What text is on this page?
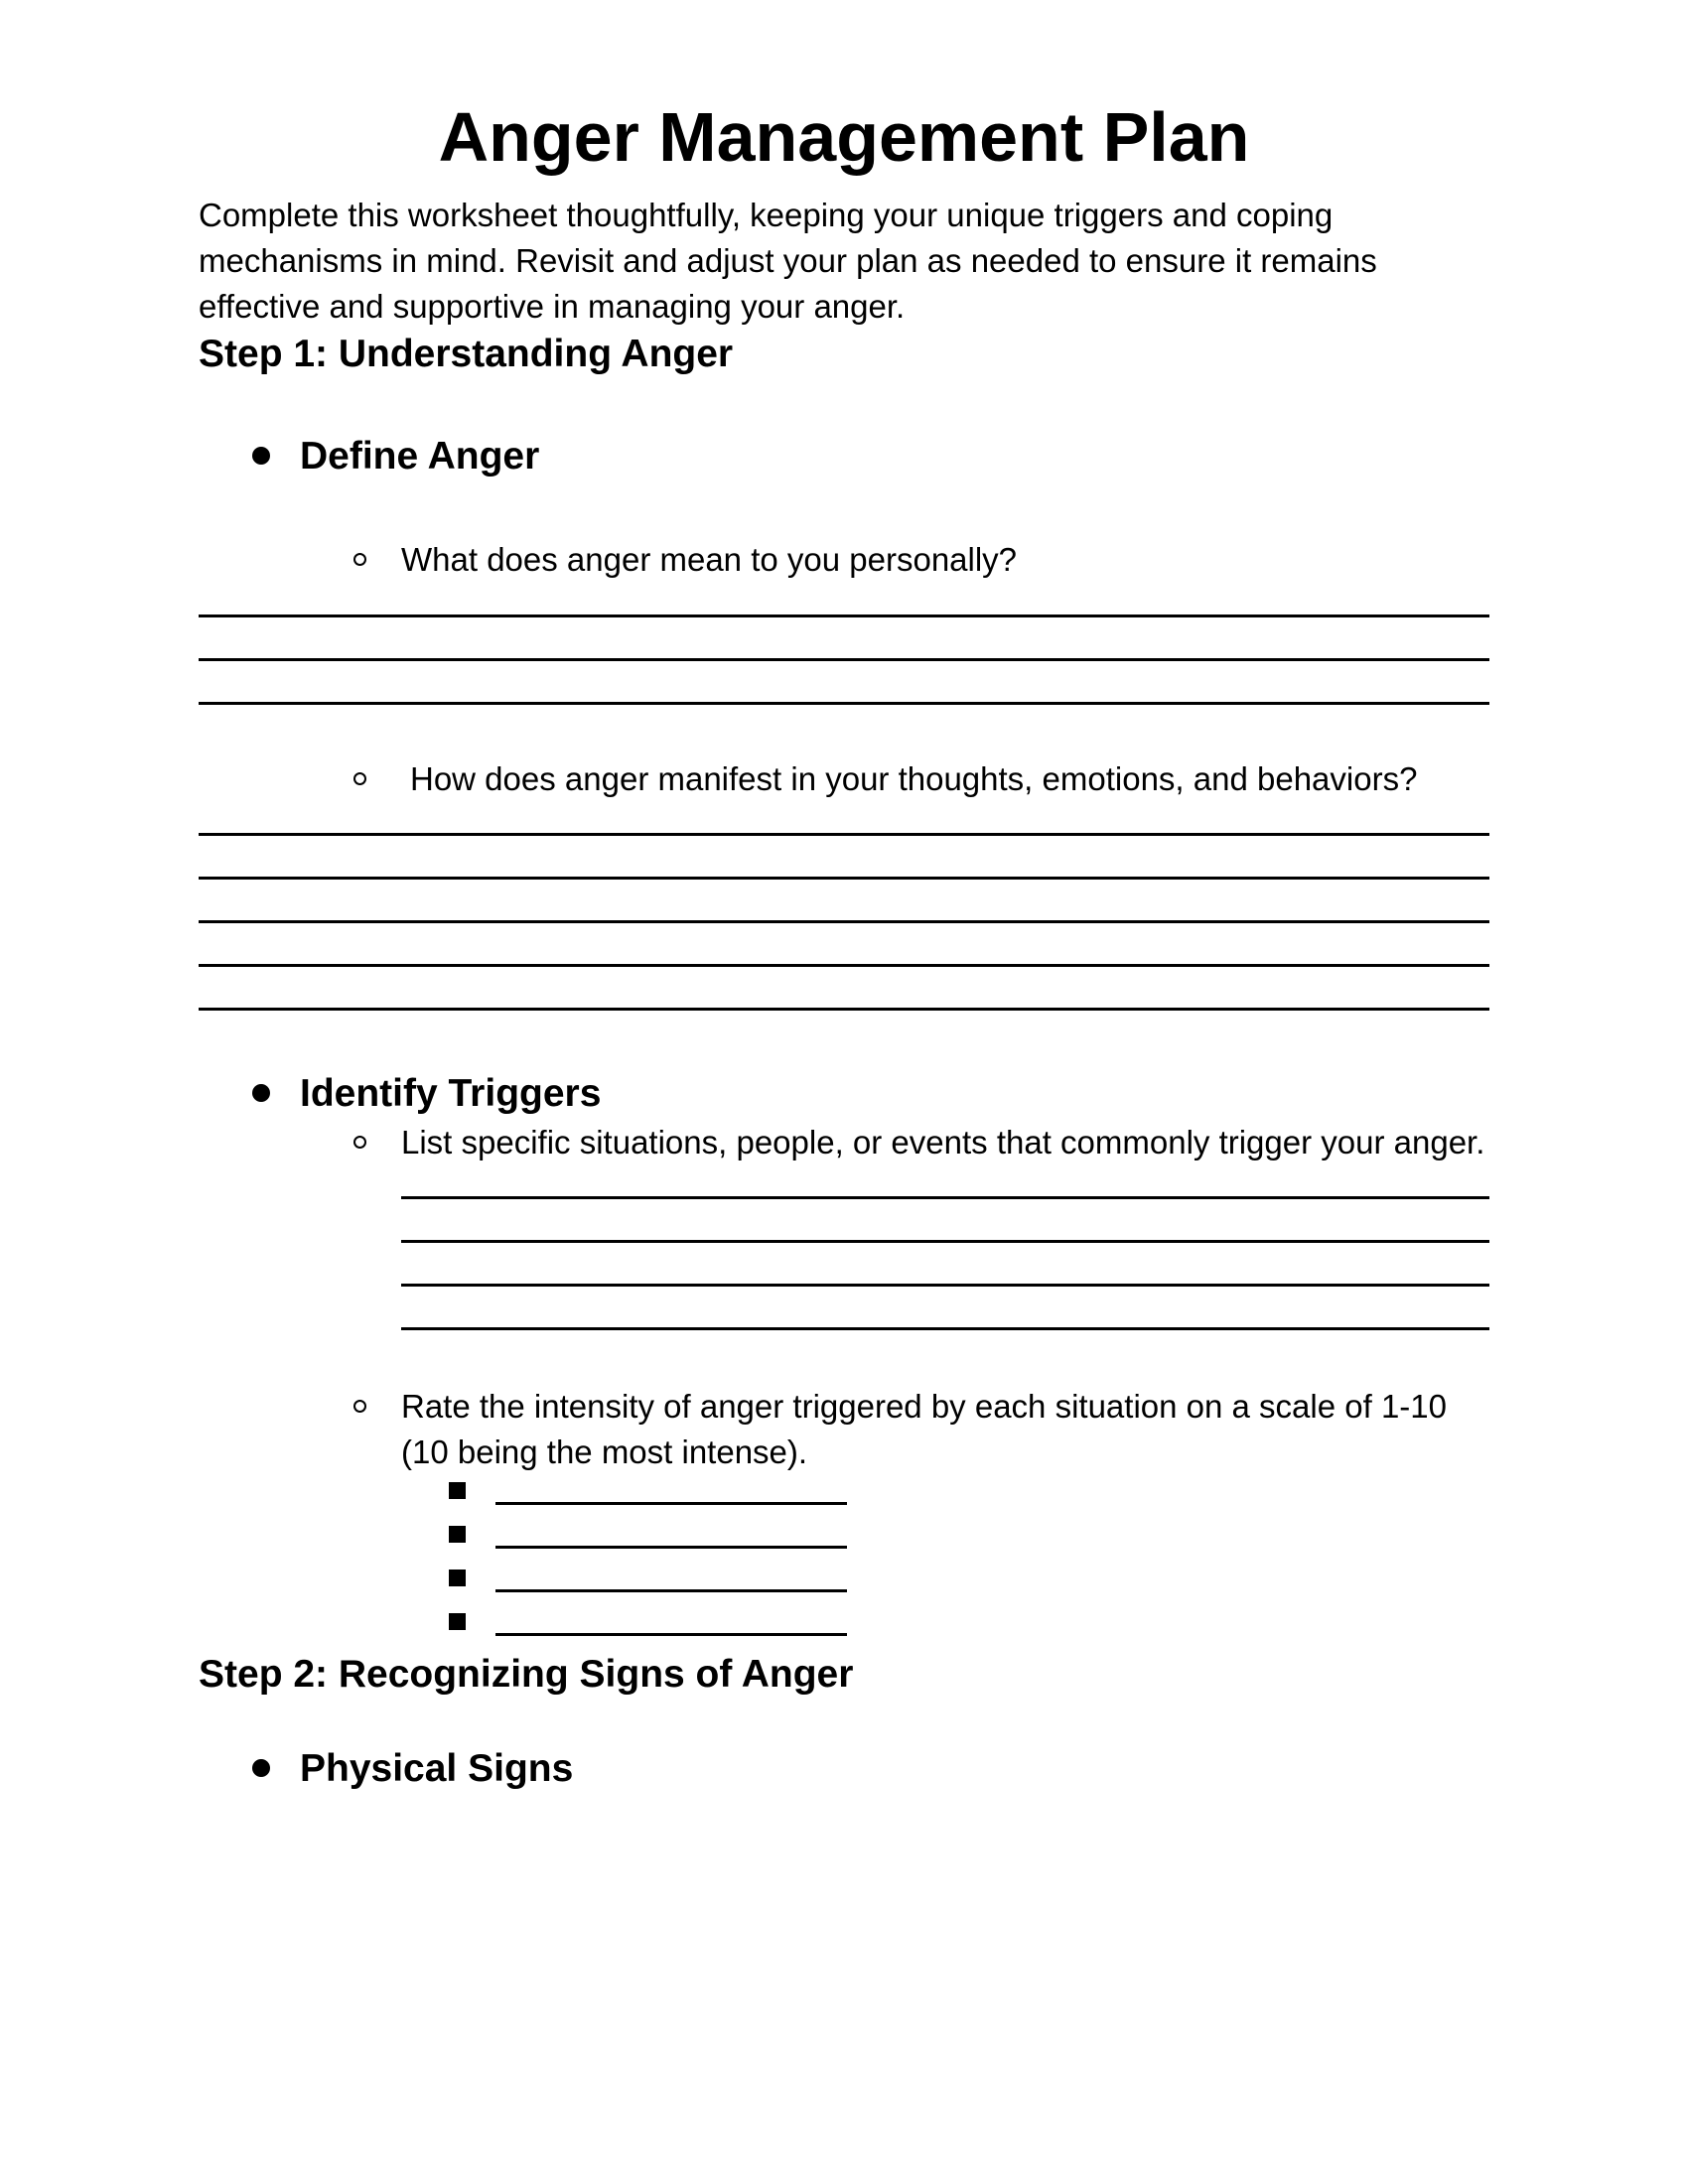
Anger Management Plan

Complete this worksheet thoughtfully, keeping your unique triggers and coping mechanisms in mind. Revisit and adjust your plan as needed to ensure it remains effective and supportive in managing your anger.

Step 1: Understanding Anger
Define Anger
What does anger mean to you personally?
How does anger manifest in your thoughts, emotions, and behaviors?
Identify Triggers
List specific situations, people, or events that commonly trigger your anger.
Rate the intensity of anger triggered by each situation on a scale of 1-10 (10 being the most intense).
Step 2: Recognizing Signs of Anger
Physical Signs
